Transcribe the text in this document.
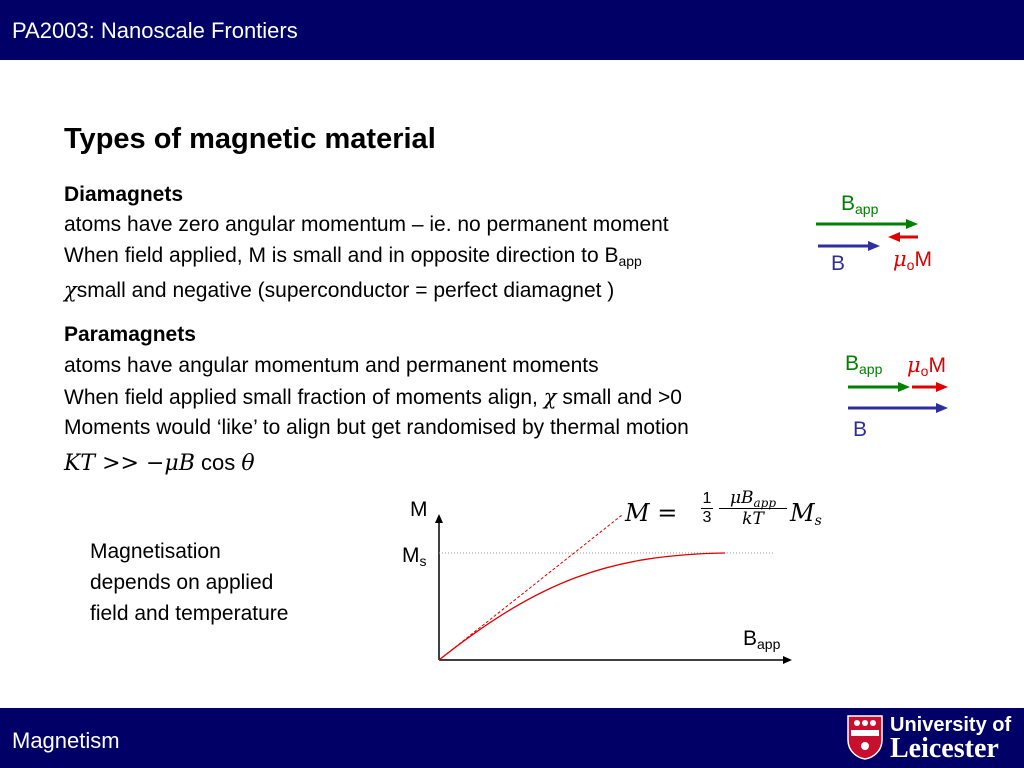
PA2003: Nanoscale Frontiers
Types of magnetic material
Diamagnets
atoms have zero angular momentum – ie. no permanent moment
When field applied, M is small and in opposite direction to $B_{app}$
χsmall and negative (superconductor = perfect diamagnet )
$B_{app}$
B $\mu_oM$
Paramagnets
atoms have angular momentum and permanent moments
When field applied small fraction of moments align, χ small and >0
Moments would ‘like’ to align but get randomised by thermal motion
KT >> −μB cos θ
$B_{app}$ $\mu_oM$
B
Magnetisation
depends on applied
field and temperature
M
$M_s$
$B_{app}$
$M = \frac{1}{3} \mu B_{app}$
kT	$M_s$
Magnetism
University of
Leicester
